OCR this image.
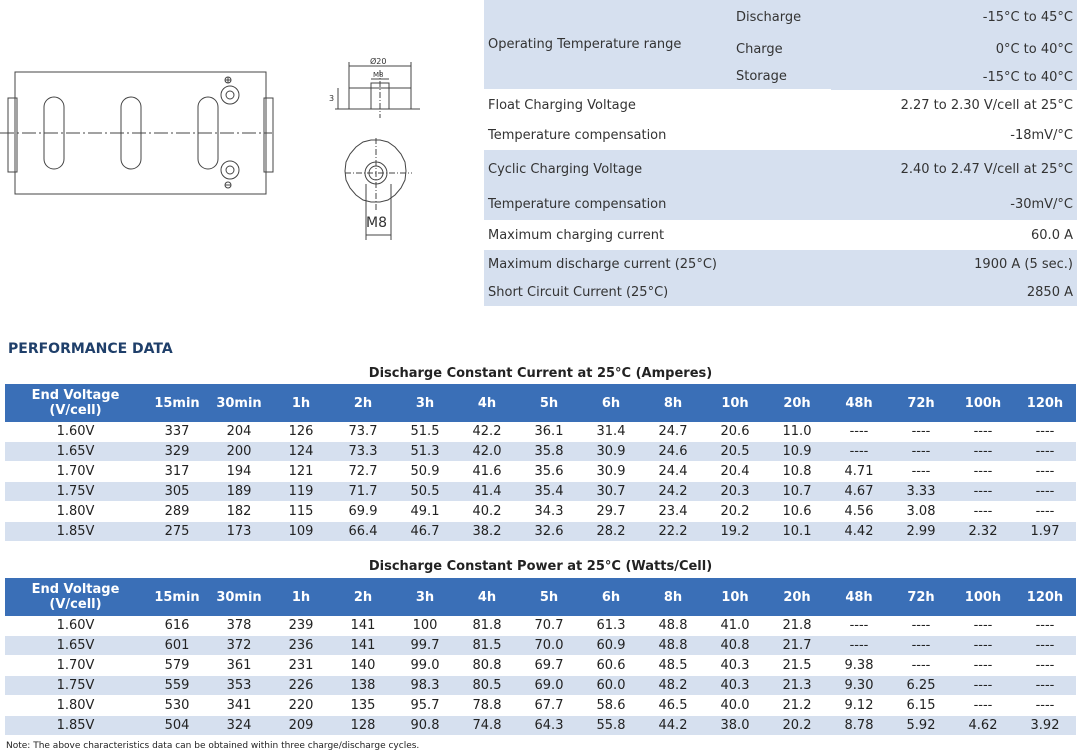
Ø20
M8
3
M8
Operating Temperature range	Discharge	-15°C to 45°C
	Charge	0°C to 40°C
	Storage	-15°C to 40°C
Float Charging Voltage		2.27 to 2.30 V/cell at 25°C
Temperature compensation		-18mV/°C
Cyclic Charging Voltage		2.40 to 2.47 V/cell at 25°C
Temperature compensation		-30mV/°C
Maximum charging current		60.0 A
Maximum discharge current (25°C)		1900 A (5 sec.)
Short Circuit Current (25°C)		2850 A
PERFORMANCE DATA
Discharge Constant Current at 25°C (Amperes)
End Voltage (V/cell)	15min	30min	1h	2h	3h	4h	5h	6h	8h	10h	20h	48h	72h	100h	120h
1.60V	337	204	126	73.7	51.5	42.2	36.1	31.4	24.7	20.6	11.0	----	----	----	----
1.65V	329	200	124	73.3	51.3	42.0	35.8	30.9	24.6	20.5	10.9	----	----	----	----
1.70V	317	194	121	72.7	50.9	41.6	35.6	30.9	24.4	20.4	10.8	4.71	----	----	----
1.75V	305	189	119	71.7	50.5	41.4	35.4	30.7	24.2	20.3	10.7	4.67	3.33	----	----
1.80V	289	182	115	69.9	49.1	40.2	34.3	29.7	23.4	20.2	10.6	4.56	3.08	----	----
1.85V	275	173	109	66.4	46.7	38.2	32.6	28.2	22.2	19.2	10.1	4.42	2.99	2.32	1.97
Discharge Constant Power at 25°C (Watts/Cell)
End Voltage (V/cell)	15min	30min	1h	2h	3h	4h	5h	6h	8h	10h	20h	48h	72h	100h	120h
1.60V	616	378	239	141	100	81.8	70.7	61.3	48.8	41.0	21.8	----	----	----	----
1.65V	601	372	236	141	99.7	81.5	70.0	60.9	48.8	40.8	21.7	----	----	----	----
1.70V	579	361	231	140	99.0	80.8	69.7	60.6	48.5	40.3	21.5	9.38	----	----	----
1.75V	559	353	226	138	98.3	80.5	69.0	60.0	48.2	40.3	21.3	9.30	6.25	----	----
1.80V	530	341	220	135	95.7	78.8	67.7	58.6	46.5	40.0	21.2	9.12	6.15	----	----
1.85V	504	324	209	128	90.8	74.8	64.3	55.8	44.2	38.0	20.2	8.78	5.92	4.62	3.92
Note: The above characteristics data can be obtained within three charge/discharge cycles.
